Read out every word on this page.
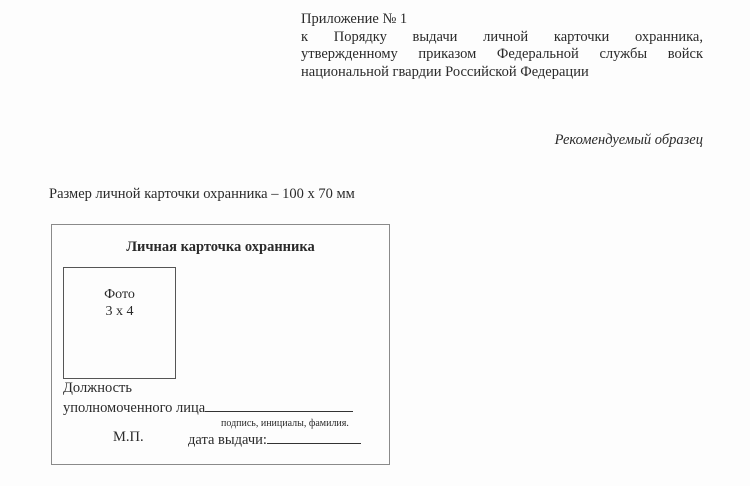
Приложение № 1
к Порядку выдачи личной карточки охранника,
утвержденному приказом Федеральной службы войск
национальной гвардии Российской Федерации
Рекомендуемый образец
Размер личной карточки охранника – 100 х 70 мм
Личная карточка охранника
Фото
3 х 4
Должность
уполномоченного лица
подпись, инициалы, фамилия.
М.П.	дата выдачи:
